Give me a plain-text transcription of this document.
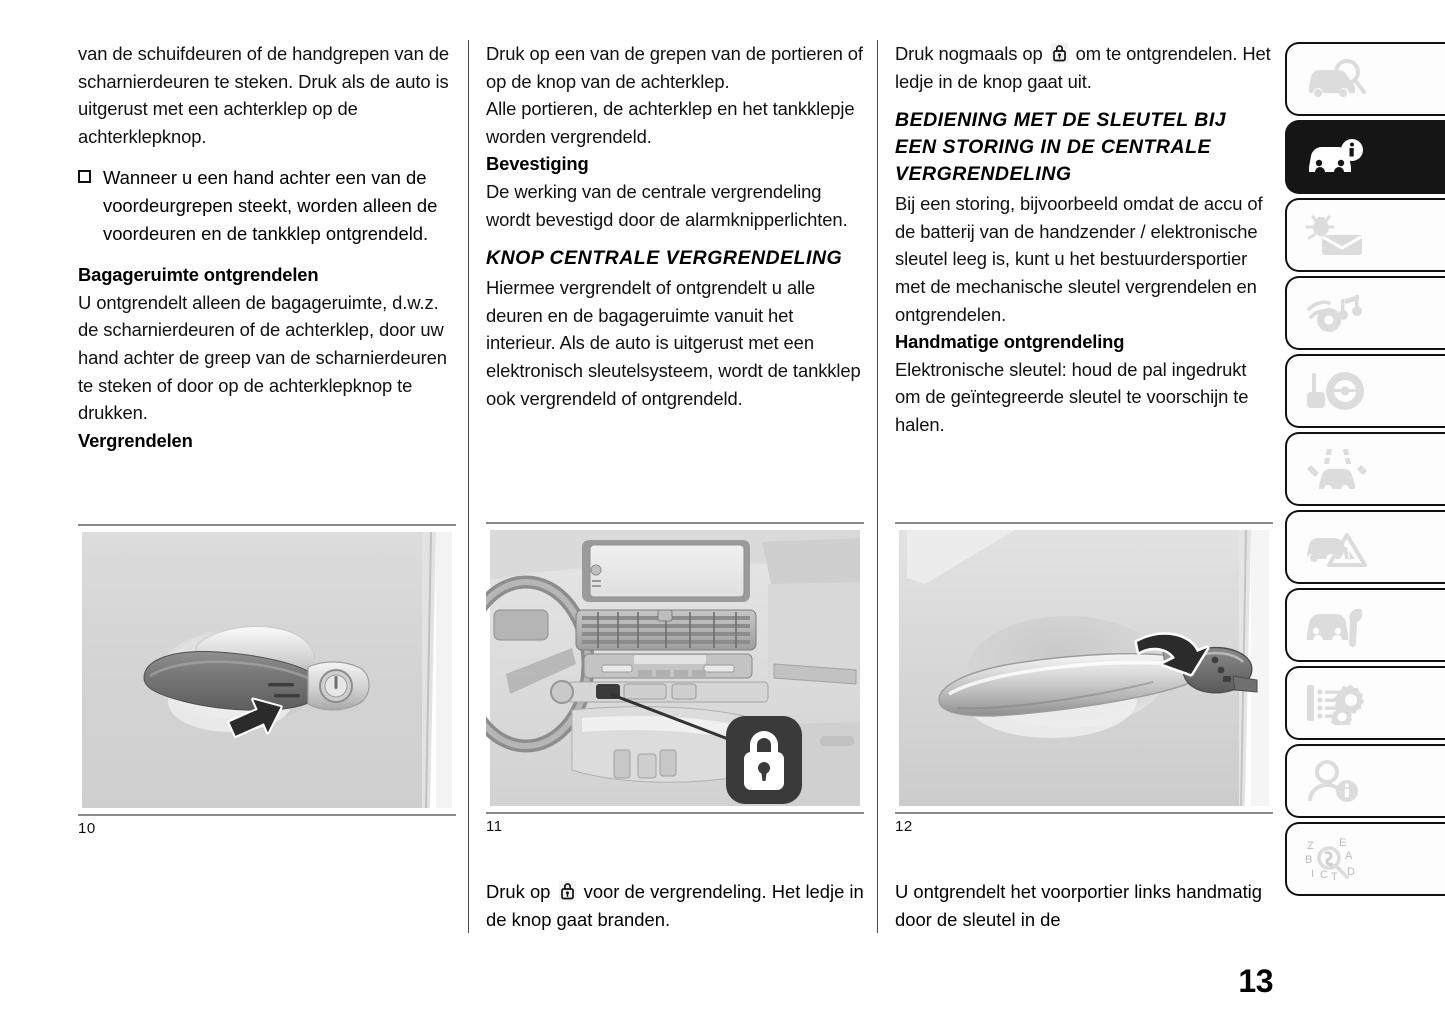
van de schuifdeuren of de handgrepen van de scharnierdeuren te steken. Druk als de auto is uitgerust met een achterklep op de achterklepknop.

Wanneer u een hand achter een van de voordeurgrepen steekt, worden alleen de voordeuren en de tankklep ontgrendeld.

Bagageruimte ontgrendelen

U ontgrendelt alleen de bagageruimte, d.w.z. de scharnierdeuren of de achterklep, door uw hand achter de greep van de scharnierdeuren te steken of door op de achterklepknop te drukken.

Vergrendelen

10

Druk op een van de grepen van de portieren of op de knop van de achterklep.

Alle portieren, de achterklep en het tankklepje worden vergrendeld.

Bevestiging

De werking van de centrale vergrendeling wordt bevestigd door de alarmknipperlichten.

KNOP CENTRALE VERGRENDELING

Hiermee vergrendelt of ontgrendelt u alle deuren en de bagageruimte vanuit het interieur. Als de auto is uitgerust met een elektronisch sleutelsysteem, wordt de tankklep ook vergrendeld of ontgrendeld.

11
Druk op
voor de vergrendeling. Het ledje in de knop gaat branden.

Druk nogmaals op
om te ontgrendelen. Het ledje in de knop gaat uit.

BEDIENING MET DE SLEUTEL BIJ EEN STORING IN DE CENTRALE VERGRENDELING

Bij een storing, bijvoorbeeld omdat de accu of de batterij van de handzender / elektronische sleutel leeg is, kunt u het bestuurdersportier met de mechanische sleutel vergrendelen en ontgrendelen.

Handmatige ontgrendeling

Elektronische sleutel: houd de pal ingedrukt om de geïntegreerde sleutel te voorschijn te halen.

12
U ontgrendelt het voorportier links handmatig door de sleutel in de
Z
B
I C T
E
A
D
13
